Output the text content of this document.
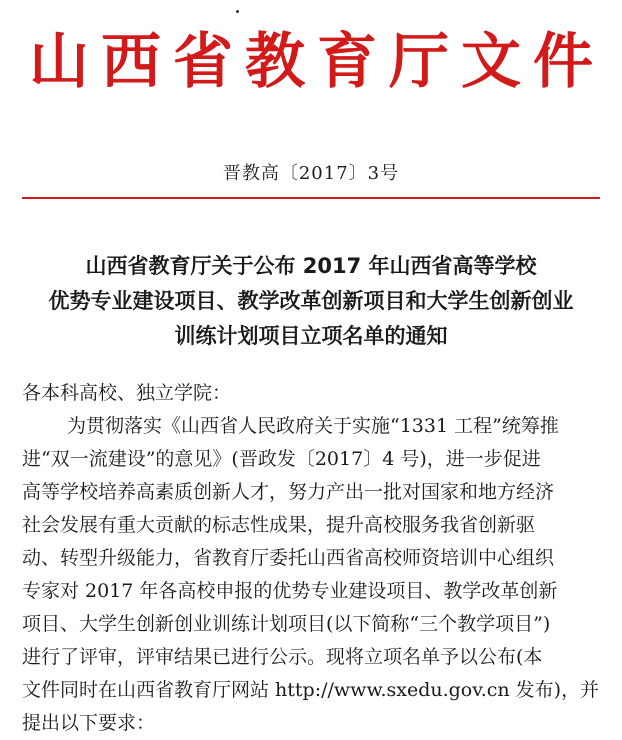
山西省教育厅文件
晋教高〔2017〕3号
山西省教育厅关于公布 2017 年山西省高等学校
优势专业建设项目、教学改革创新项目和大学生创新创业
训练计划项目立项名单的通知
各本科高校、独立学院：
为贯彻落实《山西省人民政府关于实施“1331 工程”统筹推
进“双一流建设”的意见》(晋政发〔2017〕4 号)，进一步促进
高等学校培养高素质创新人才，努力产出一批对国家和地方经济
社会发展有重大贡献的标志性成果，提升高校服务我省创新驱
动、转型升级能力，省教育厅委托山西省高校师资培训中心组织
专家对 2017 年各高校申报的优势专业建设项目、教学改革创新
项目、大学生创新创业训练计划项目(以下简称“三个教学项目”)
进行了评审，评审结果已进行公示。现将立项名单予以公布(本
文件同时在山西省教育厅网站 http://www.sxedu.gov.cn 发布)，并
提出以下要求：
